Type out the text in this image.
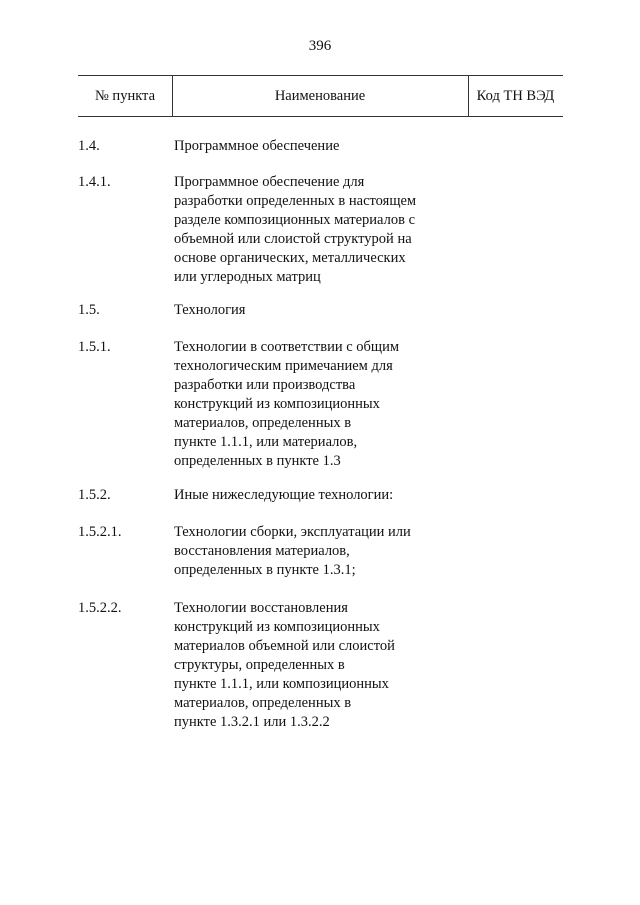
396
№ пункта	Наименование	Код ТН ВЭД
1.4.	Программное обеспечение
1.4.1.	Программное обеспечение для
разработки определенных в настоящем
разделе композиционных материалов с
объемной или слоистой структурой на
основе органических, металлических
или углеродных матриц
1.5.	Технология
1.5.1.	Технологии в соответствии с общим
технологическим примечанием для
разработки или производства
конструкций из композиционных
материалов, определенных в
пункте 1.1.1, или материалов,
определенных в пункте 1.3
1.5.2.	Иные нижеследующие технологии:
1.5.2.1.	Технологии сборки, эксплуатации или
восстановления материалов,
определенных в пункте 1.3.1;
1.5.2.2.	Технологии восстановления
конструкций из композиционных
материалов объемной или слоистой
структуры, определенных в
пункте 1.1.1, или композиционных
материалов, определенных в
пункте 1.3.2.1 или 1.3.2.2
